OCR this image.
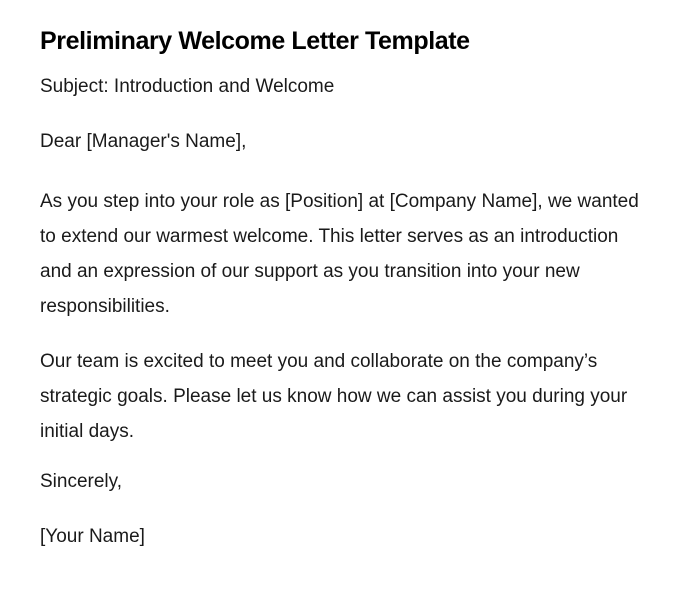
Preliminary Welcome Letter Template

Subject: Introduction and Welcome

Dear [Manager's Name],

As you step into your role as [Position] at [Company Name], we wanted to extend our warmest welcome. This letter serves as an introduction and an expression of our support as you transition into your new responsibilities.

Our team is excited to meet you and collaborate on the company’s strategic goals. Please let us know how we can assist you during your initial days.

Sincerely,

[Your Name]
